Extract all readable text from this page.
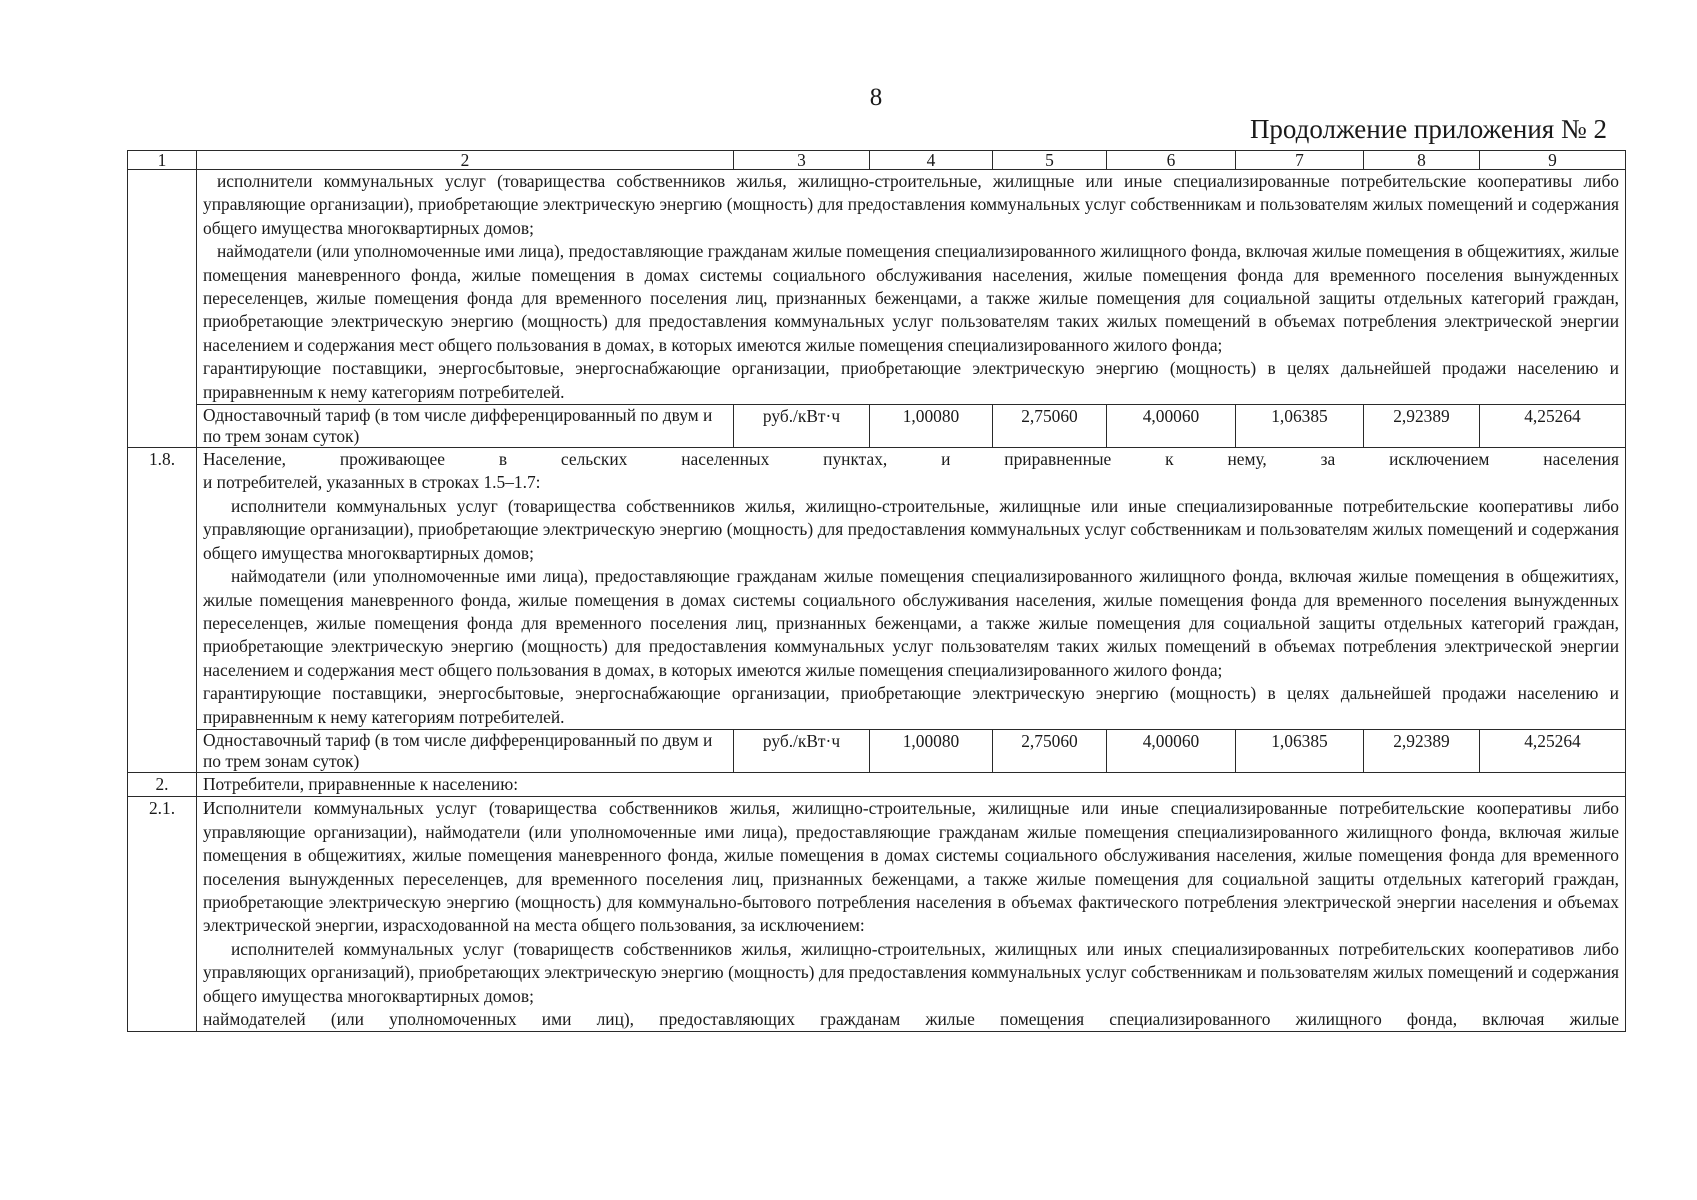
8
Продолжение приложения № 2
1	2	3	4	5	6	7	8	9

	исполнители коммунальных услуг (товарищества собственников жилья, жилищно-строительные, жилищные или иные специализированные потребительские кооперативы либо управляющие организации), приобретающие электрическую энергию (мощность) для предоставления коммунальных услуг собственникам и пользователям жилых помещений и содержания общего имущества многоквартирных домов;

наймодатели (или уполномоченные ими лица), предоставляющие гражданам жилые помещения специализированного жилищного фонда, включая жилые помещения в общежитиях, жилые помещения маневренного фонда, жилые помещения в домах системы социального обслуживания населения, жилые помещения фонда для временного поселения вынужденных переселенцев, жилые помещения фонда для временного поселения лиц, признанных беженцами, а также жилые помещения для социальной защиты отдельных категорий граждан, приобретающие электрическую энергию (мощность) для предоставления коммунальных услуг пользователям таких жилых помещений в объемах потребления электрической энергии населением и содержания мест общего пользования в домах, в которых имеются жилые помещения специализированного жилого фонда;

гарантирующие поставщики, энергосбытовые, энергоснабжающие организации, приобретающие электрическую энергию (мощность) в целях дальнейшей продажи населению и приравненным к нему категориям потребителей.							

	Одноставочный тариф (в том числе дифференцированный по двум и по трем зонам суток)	руб./кВт·ч	1,00080	2,75060	4,00060	1,06385	2,92389	4,25264
1.8.	Население, проживающее в сельских населенных пунктах, и приравненные к нему, за исключением населения

и потребителей, указанных в строках 1.5–1.7:

исполнители коммунальных услуг (товарищества собственников жилья, жилищно-строительные, жилищные или иные специализированные потребительские кооперативы либо управляющие организации), приобретающие электрическую энергию (мощность) для предоставления коммунальных услуг собственникам и пользователям жилых помещений и содержания общего имущества многоквартирных домов;

наймодатели (или уполномоченные ими лица), предоставляющие гражданам жилые помещения специализированного жилищного фонда, включая жилые помещения в общежитиях, жилые помещения маневренного фонда, жилые помещения в домах системы социального обслуживания населения, жилые помещения фонда для временного поселения вынужденных переселенцев, жилые помещения фонда для временного поселения лиц, признанных беженцами, а также жилые помещения для социальной защиты отдельных категорий граждан, приобретающие электрическую энергию (мощность) для предоставления коммунальных услуг пользователям таких жилых помещений в объемах потребления электрической энергии населением и содержания мест общего пользования в домах, в которых имеются жилые помещения специализированного жилого фонда;

гарантирующие поставщики, энергосбытовые, энергоснабжающие организации, приобретающие электрическую энергию (мощность) в целях дальнейшей продажи населению и приравненным к нему категориям потребителей.							

	Одноставочный тариф (в том числе дифференцированный по двум и по трем зонам суток)	руб./кВт·ч	1,00080	2,75060	4,00060	1,06385	2,92389	4,25264
2.	Потребители, приравненные к населению:							
2.1.	Исполнители коммунальных услуг (товарищества собственников жилья, жилищно-строительные, жилищные или иные специализированные потребительские кооперативы либо управляющие организации), наймодатели (или уполномоченные ими лица), предоставляющие гражданам жилые помещения специализированного жилищного фонда, включая жилые помещения в общежитиях, жилые помещения маневренного фонда, жилые помещения в домах системы социального обслуживания населения, жилые помещения фонда для временного поселения вынужденных переселенцев, для временного поселения лиц, признанных беженцами, а также жилые помещения для социальной защиты отдельных категорий граждан, приобретающие электрическую энергию (мощность) для коммунально-бытового потребления населения в объемах фактического потребления электрической энергии населения и объемах электрической энергии, израсходованной на места общего пользования, за исключением:

исполнителей коммунальных услуг (товариществ собственников жилья, жилищно-строительных, жилищных или иных специализированных потребительских кооперативов либо управляющих организаций), приобретающих электрическую энергию (мощность) для предоставления коммунальных услуг собственникам и пользователям жилых помещений и содержания общего имущества многоквартирных домов;

наймодателей (или уполномоченных ими лиц), предоставляющих гражданам жилые помещения специализированного жилищного фонда, включая жилые							
